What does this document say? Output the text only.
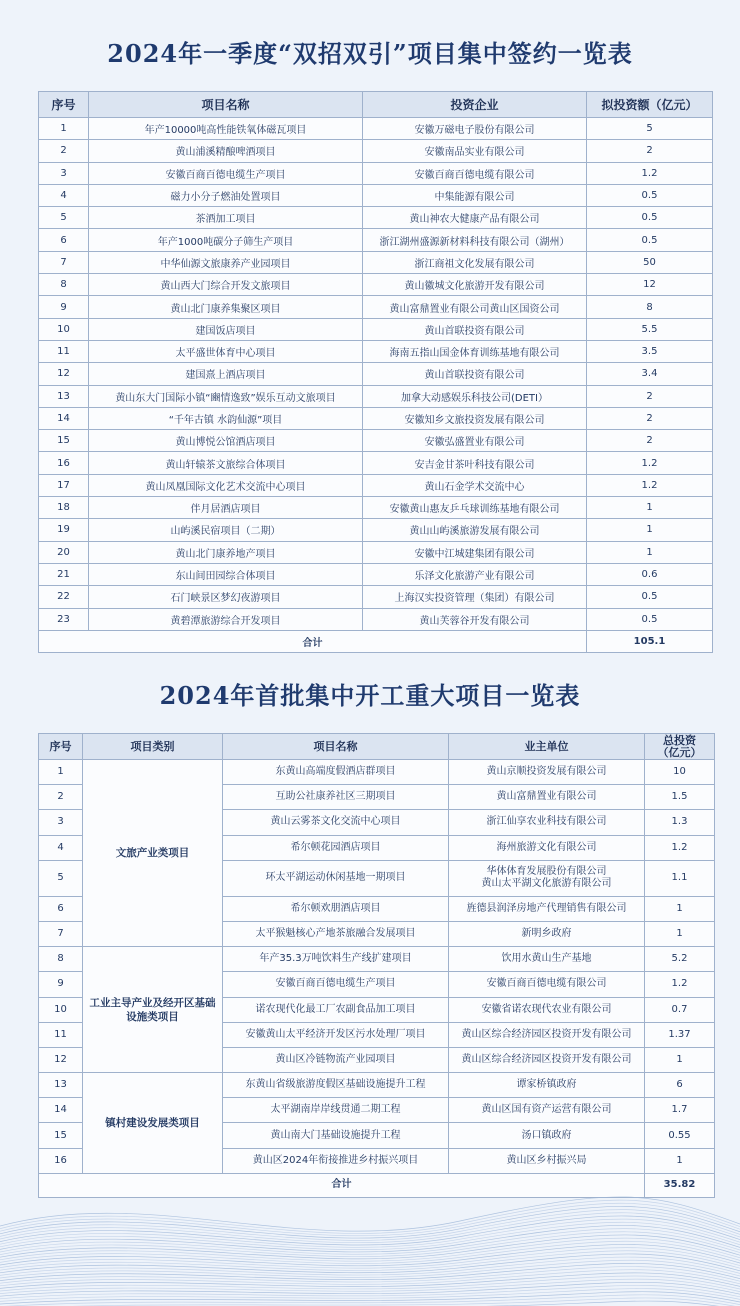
2024年一季度“双招双引”项目集中签约一览表
序号	项目名称	投资企业	拟投资额（亿元）
1	年产10000吨高性能铁氧体磁瓦项目	安徽万磁电子股份有限公司	5
2	黄山浦溪精酿啤酒项目	安徽南品实业有限公司	2
3	安徽百商百德电缆生产项目	安徽百商百德电缆有限公司	1.2
4	磁力小分子燃油处置项目	中集能源有限公司	0.5
5	茶酒加工项目	黄山神农大健康产品有限公司	0.5
6	年产1000吨碳分子筛生产项目	浙江湖州盛源新材料科技有限公司（湖州）	0.5
7	中华仙源文旅康养产业园项目	浙江商祖文化发展有限公司	50
8	黄山西大门综合开发文旅项目	黄山徽城文化旅游开发有限公司	12
9	黄山北门康养集聚区项目	黄山富鼎置业有限公司黄山区国资公司	8
10	建国饭店项目	黄山首联投资有限公司	5.5
11	太平盛世体育中心项目	海南五指山国金体育训练基地有限公司	3.5
12	建国熹上酒店项目	黄山首联投资有限公司	3.4
13	黄山东大门国际小镇“豳情逸致”娱乐互动文旅项目	加拿大动感娱乐科技公司(DETI）	2
14	“千年古镇 水韵仙源”项目	安徽知乡文旅投资发展有限公司	2
15	黄山博悦公馆酒店项目	安徽弘盛置业有限公司	2
16	黄山轩辕茶文旅综合体项目	安吉金甘茶叶科技有限公司	1.2
17	黄山凤凰国际文化艺术交流中心项目	黄山石金学术交流中心	1.2
18	伴月居酒店项目	安徽黄山惠友乒乓球训练基地有限公司	1
19	山屿溪民宿项目（二期）	黄山山屿溪旅游发展有限公司	1
20	黄山北门康养地产项目	安徽中江城建集团有限公司	1
21	东山间田园综合体项目	乐泽文化旅游产业有限公司	0.6
22	石门峡景区梦幻夜游项目	上海汉实投资管理（集团）有限公司	0.5
23	黄碧潭旅游综合开发项目	黄山芙蓉谷开发有限公司	0.5
合计			105.1
2024年首批集中开工重大项目一览表
序号	项目类别	项目名称	业主单位	总投资
（亿元）
1	文旅产业类项目	东黄山高端度假酒店群项目	黄山京顺投资发展有限公司	10
2		互助公社康养社区三期项目	黄山富鼎置业有限公司	1.5
3		黄山云雾茶文化交流中心项目	浙江仙享农业科技有限公司	1.3
4		希尔顿花园酒店项目	海州旅游文化有限公司	1.2
5		环太平湖运动休闲基地一期项目	华体体育发展股份有限公司
黄山太平湖文化旅游有限公司	1.1
6		希尔顿欢朋酒店项目	旌德县润泽房地产代理销售有限公司	1
7		太平猴魁核心产地茶旅融合发展项目	新明乡政府	1
8	工业主导产业及经开区基础设施类项目	年产35.3万吨饮料生产线扩建项目	饮用水黄山生产基地	5.2
9		安徽百商百德电缆生产项目	安徽百商百德电缆有限公司	1.2
10		诺农现代化最工厂农副食品加工项目	安徽省诺农现代农业有限公司	0.7
11		安徽黄山太平经济开发区污水处理厂项目	黄山区综合经济园区投资开发有限公司	1.37
12		黄山区冷链物流产业园项目	黄山区综合经济园区投资开发有限公司	1
13	镇村建设发展类项目	东黄山省级旅游度假区基础设施提升工程	谭家桥镇政府	6
14		太平湖南岸岸线贯通二期工程	黄山区国有资产运营有限公司	1.7
15		黄山南大门基础设施提升工程	汤口镇政府	0.55
16		黄山区2024年衔接推进乡村振兴项目	黄山区乡村振兴局	1
合计				35.82
